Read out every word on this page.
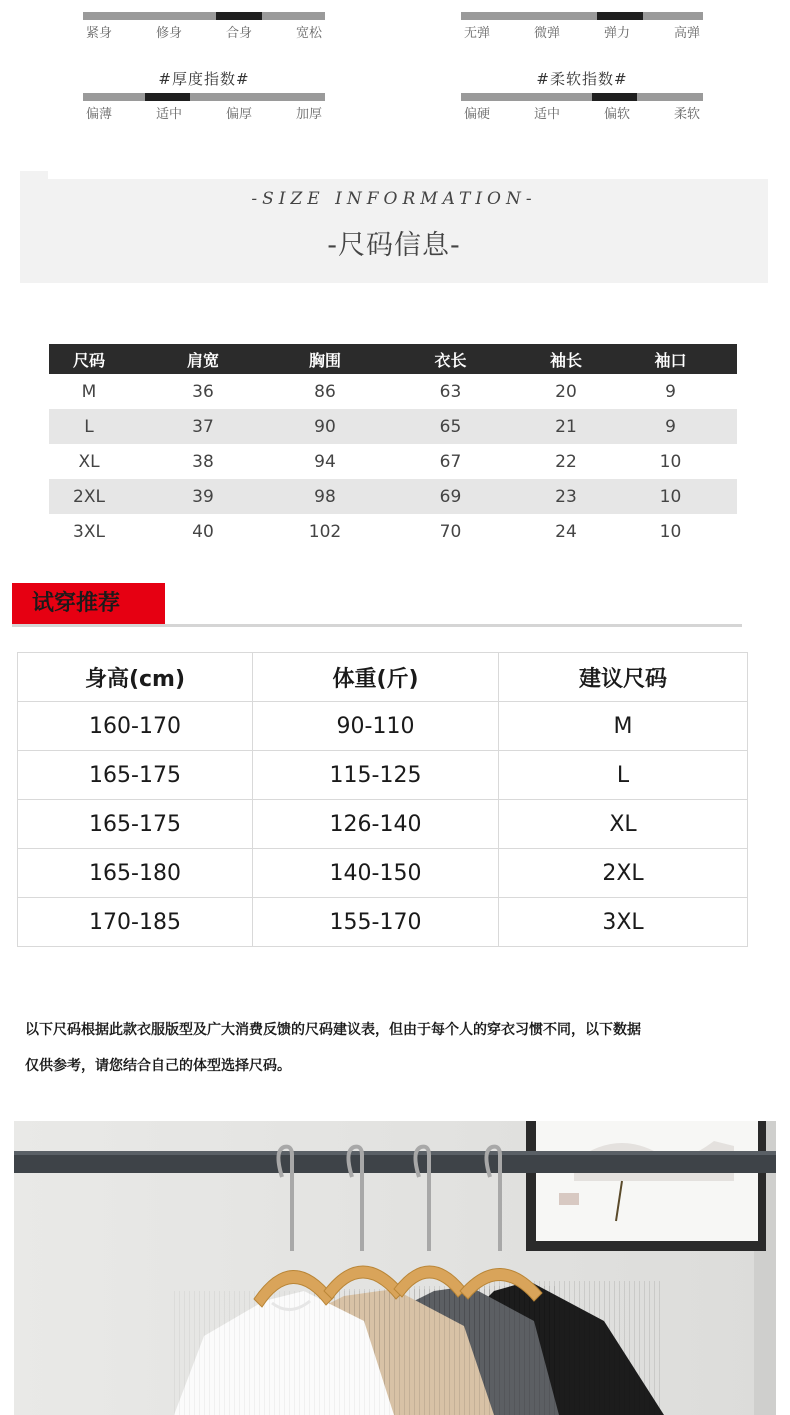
紧身	修身	合身	宽松	无弹	微弹	弹力	高弹
#厚度指数#
偏薄	适中	偏厚	加厚
#柔软指数#
偏硬	适中	偏软	柔软
-SIZE INFORMATION-
-尺码信息-
尺码	肩宽	胸围	衣长	袖长	袖口
M	36	86	63	20	9
L	37	90	65	21	9
XL	38	94	67	22	10
2XL	39	98	69	23	10
3XL	40	102	70	24	10
试穿推荐
身高(cm)	体重(斤)	建议尺码
160-170	90-110	M
165-175	115-125	L
165-175	126-140	XL
165-180	140-150	2XL
170-185	155-170	3XL
以下尺码根据此款衣服版型及广大消费反馈的尺码建议表，但由于每个人的穿衣习惯不同，以下数据
仅供参考，请您结合自己的体型选择尺码。
